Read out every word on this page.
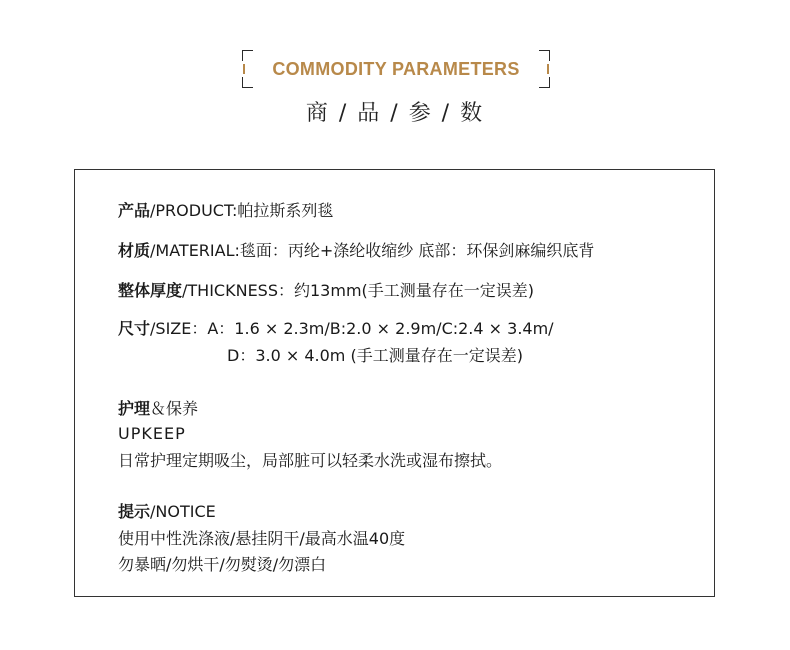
COMMODITY PARAMETERS
商 / 品 / 参 / 数
产品/PRODUCT:帕拉斯系列毯
材质/MATERIAL:毯面：丙纶+涤纶收缩纱 底部：环保剑麻编织底背
整体厚度/THICKNESS：约13mm(手工测量存在一定误差)
尺寸/SIZE：A：1.6 × 2.3m/B:2.0 × 2.9m/C:2.4 × 3.4m/
D：3.0 × 4.0m (手工测量存在一定误差)
护理＆保养
UPKEEP
日常护理定期吸尘，局部脏可以轻柔水洗或湿布擦拭。
提示/NOTICE
使用中性洗涤液/悬挂阴干/最高水温40度
勿暴晒/勿烘干/勿熨烫/勿漂白
